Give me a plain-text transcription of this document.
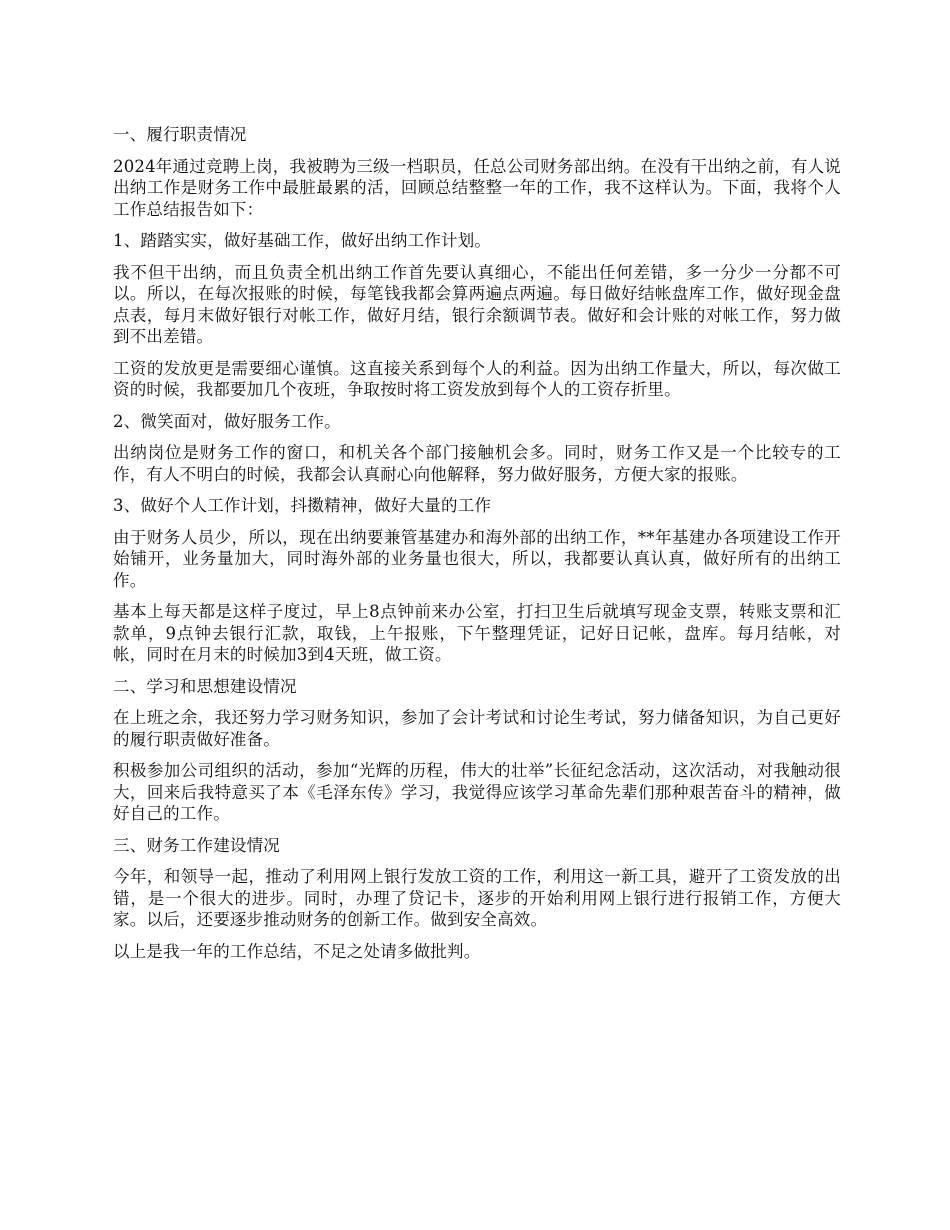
一、履行职责情况
2024年通过竞聘上岗，我被聘为三级一档职员，任总公司财务部出纳。在没有干出纳之前，有人说出纳工作是财务工作中最脏最累的活，回顾总结整整一年的工作，我不这样认为。下面，我将个人工作总结报告如下：
1、踏踏实实，做好基础工作，做好出纳工作计划。
我不但干出纳，而且负责全机出纳工作首先要认真细心，不能出任何差错，多一分少一分都不可以。所以，在每次报账的时候，每笔钱我都会算两遍点两遍。每日做好结帐盘库工作，做好现金盘点表，每月末做好银行对帐工作，做好月结，银行余额调节表。做好和会计账的对帐工作，努力做到不出差错。
工资的发放更是需要细心谨慎。这直接关系到每个人的利益。因为出纳工作量大，所以，每次做工资的时候，我都要加几个夜班，争取按时将工资发放到每个人的工资存折里。
2、微笑面对，做好服务工作。
出纳岗位是财务工作的窗口，和机关各个部门接触机会多。同时，财务工作又是一个比较专的工作，有人不明白的时候，我都会认真耐心向他解释，努力做好服务，方便大家的报账。
3、做好个人工作计划，抖擞精神，做好大量的工作
由于财务人员少，所以，现在出纳要兼管基建办和海外部的出纳工作，**年基建办各项建设工作开始铺开，业务量加大，同时海外部的业务量也很大，所以，我都要认真认真，做好所有的出纳工作。
基本上每天都是这样子度过，早上8点钟前来办公室，打扫卫生后就填写现金支票，转账支票和汇款单，9点钟去银行汇款，取钱，上午报账，下午整理凭证，记好日记帐，盘库。每月结帐，对帐，同时在月末的时候加3到4天班，做工资。
二、学习和思想建设情况
在上班之余，我还努力学习财务知识，参加了会计考试和讨论生考试，努力储备知识，为自己更好的履行职责做好准备。
积极参加公司组织的活动，参加“光辉的历程，伟大的壮举”长征纪念活动，这次活动，对我触动很大，回来后我特意买了本《毛泽东传》学习，我觉得应该学习革命先辈们那种艰苦奋斗的精神，做好自己的工作。
三、财务工作建设情况
今年，和领导一起，推动了利用网上银行发放工资的工作，利用这一新工具，避开了工资发放的出错，是一个很大的进步。同时，办理了贷记卡，逐步的开始利用网上银行进行报销工作，方便大家。以后，还要逐步推动财务的创新工作。做到安全高效。
以上是我一年的工作总结，不足之处请多做批判。
